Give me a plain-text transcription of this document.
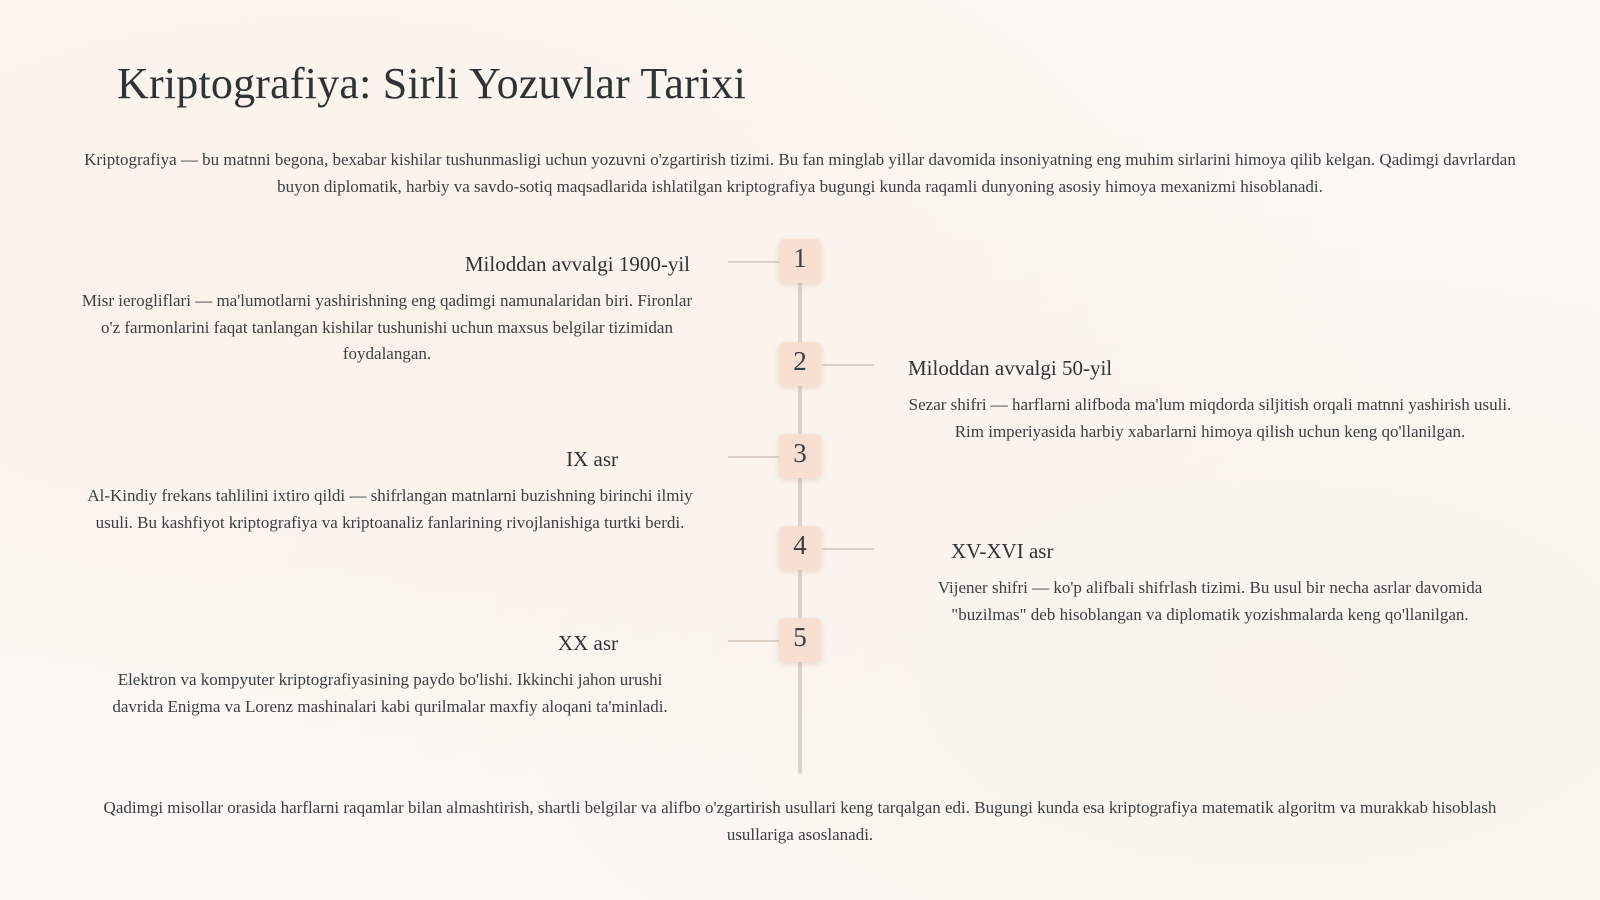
Kriptografiya: Sirli Yozuvlar Tarixi

Kriptografiya — bu matnni begona, bexabar kishilar tushunmasligi uchun yozuvni o'zgartirish tizimi. Bu fan minglab yillar davomida insoniyatning eng muhim sirlarini himoya qilib kelgan. Qadimgi davrlardan buyon diplomatik, harbiy va savdo-sotiq maqsadlarida ishlatilgan kriptografiya bugungi kunda raqamli dunyoning asosiy himoya mexanizmi hisoblanadi.

1
Miloddan avvalgi 1900-yil

Misr ierogliflari — ma'lumotlarni yashirishning eng qadimgi namunalaridan biri. Fironlar o'z farmonlarini faqat tanlangan kishilar tushunishi uchun maxsus belgilar tizimidan foydalangan.	2	Miloddan avvalgi 50-yil

Sezar shifri — harflarni alifboda ma'lum miqdorda siljitish orqali matnni yashirish usuli. Rim imperiyasida harbiy xabarlarni himoya qilish uchun keng qo'llanilgan.

3
IX asr

Al-Kindiy frekans tahlilini ixtiro qildi — shifrlangan matnlarni buzishning birinchi ilmiy usuli. Bu kashfiyot kriptografiya va kriptoanaliz fanlarining rivojlanishiga turtki berdi.

4	XV-XVI asr

Vijener shifri — ko'p alifbali shifrlash tizimi. Bu usul bir necha asrlar davomida "buzilmas" deb hisoblangan va diplomatik yozishmalarda keng qo'llanilgan.

5
XX asr

Elektron va kompyuter kriptografiyasining paydo bo'lishi. Ikkinchi jahon urushi davrida Enigma va Lorenz mashinalari kabi qurilmalar maxfiy aloqani ta'minladi.

Qadimgi misollar orasida harflarni raqamlar bilan almashtirish, shartli belgilar va alifbo o'zgartirish usullari keng tarqalgan edi. Bugungi kunda esa kriptografiya matematik algoritm va murakkab hisoblash usullariga asoslanadi.
